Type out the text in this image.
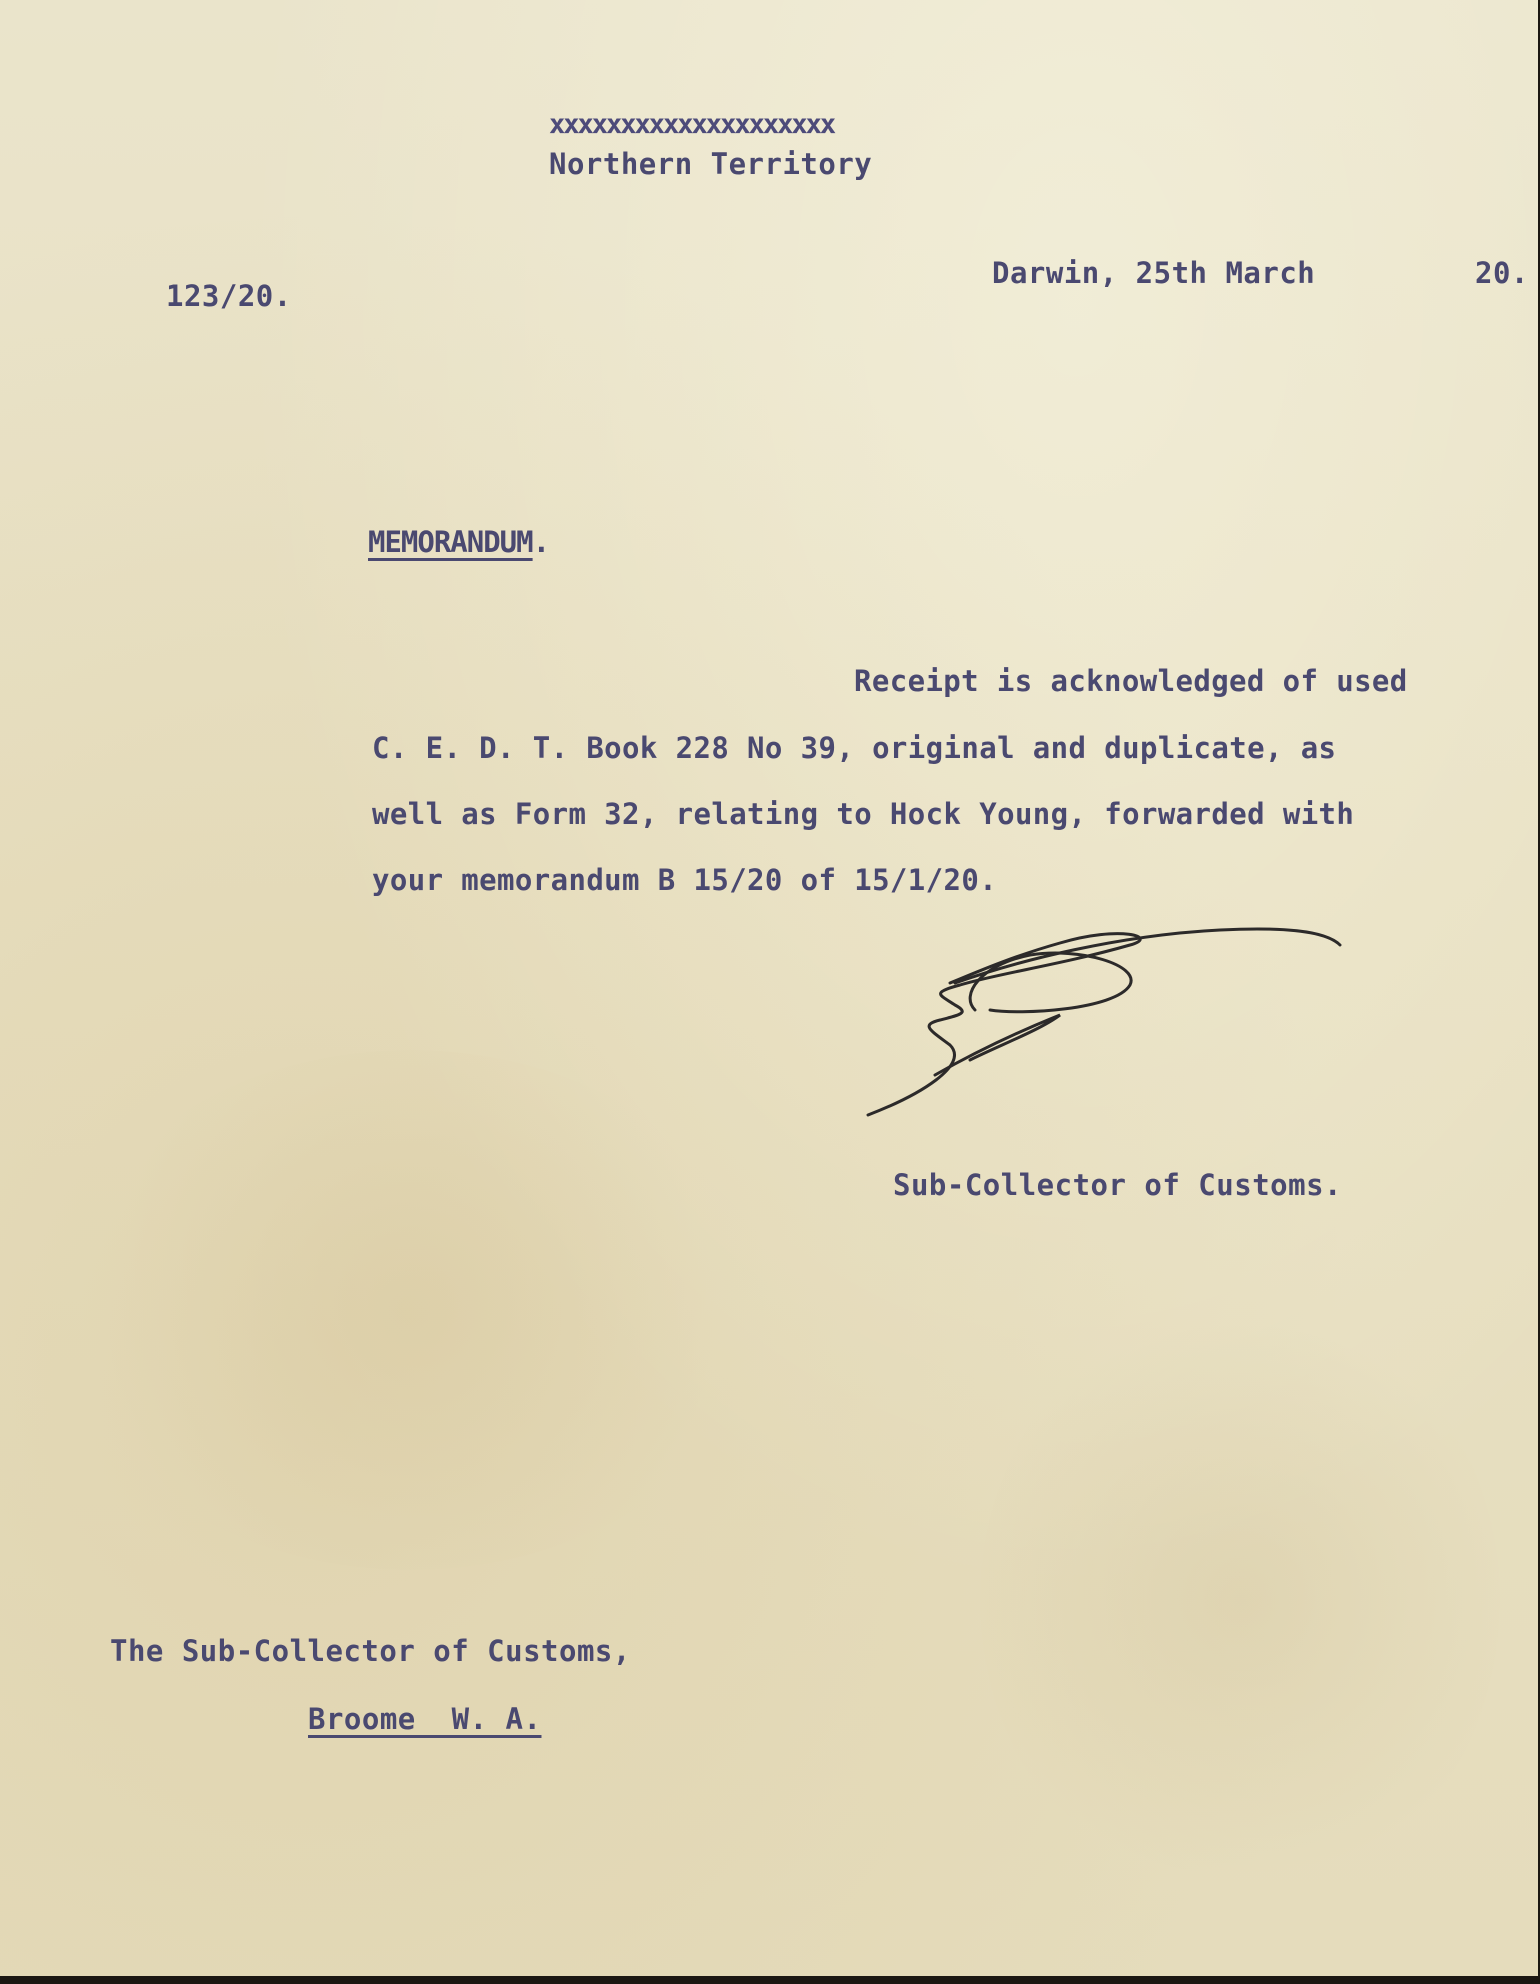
xxxxxxxxxxxxxxxxxxxx

Northern Territory

123/20.

Darwin, 25th March	20.

MEMORANDUM.

Receipt is acknowledged of used

C. E. D. T. Book 228 No 39, original and duplicate, as

well as Form 32, relating to Hock Young, forwarded with

your memorandum B 15/20 of 15/1/20.

Sub-Collector of Customs.

The Sub-Collector of Customs,

Broome  W. A.
